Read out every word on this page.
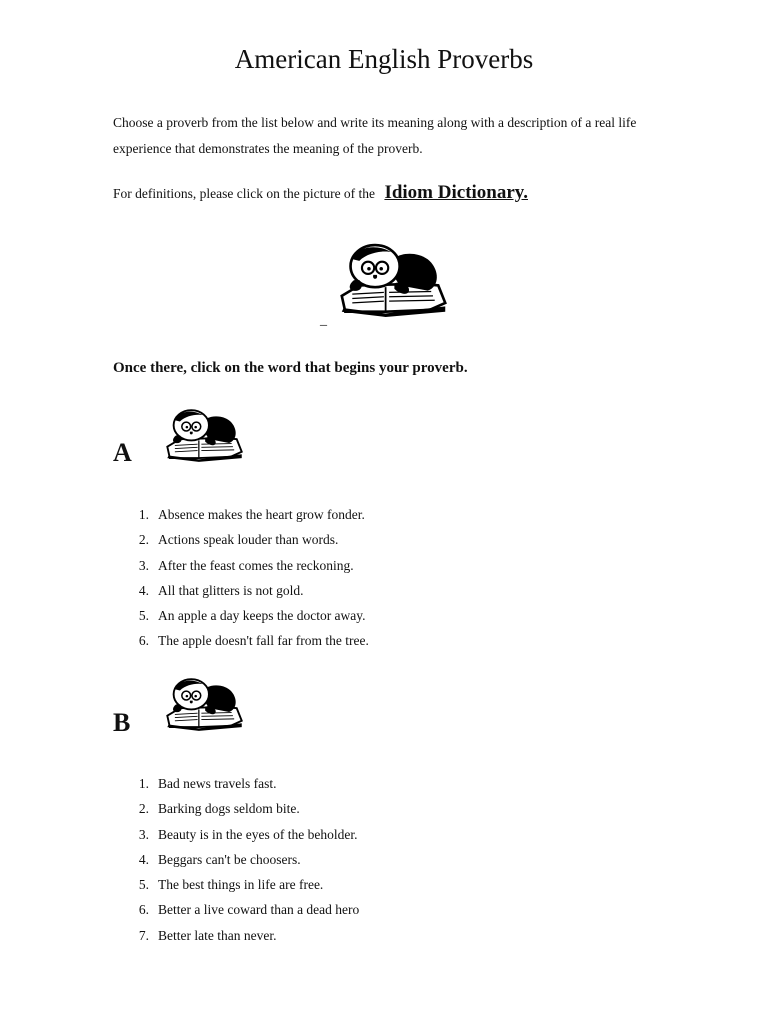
American English Proverbs

Choose a proverb from the list below and write its meaning along with a description of a real life experience that demonstrates the meaning of the proverb.

For definitions, please click on the picture of the Idiom Dictionary.

_

Once there, click on the word that begins your proverb.

A
1. Absence makes the heart grow fonder.
2. Actions speak louder than words.
3. After the feast comes the reckoning.
4. All that glitters is not gold.
5. An apple a day keeps the doctor away.
6. The apple doesn't fall far from the tree.
B
1. Bad news travels fast.
2. Barking dogs seldom bite.
3. Beauty is in the eyes of the beholder.
4. Beggars can't be choosers.
5. The best things in life are free.
6. Better a live coward than a dead hero
7. Better late than never.
